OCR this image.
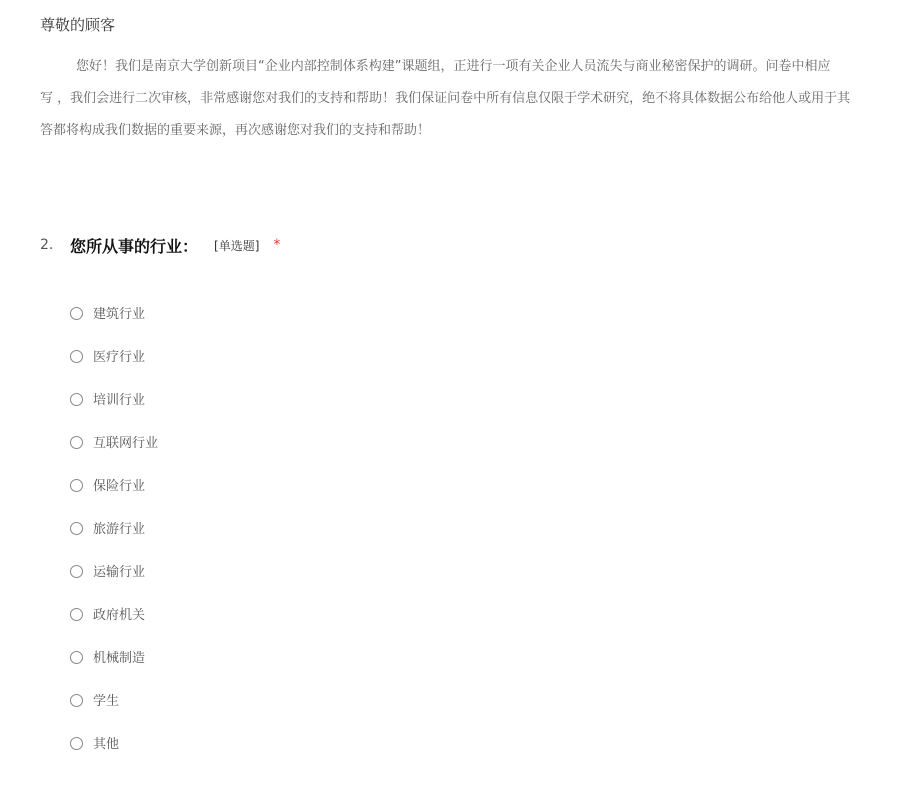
尊敬的顾客
您好！我们是南京大学创新项目“企业内部控制体系构建”课题组，正进行一项有关企业人员流失与商业秘密保护的调研。问卷中相应
写 ，我们会进行二次审核，非常感谢您对我们的支持和帮助！我们保证问卷中所有信息仅限于学术研究，绝不将具体数据公布给他人或用于其
答都将构成我们数据的重要来源，再次感谢您对我们的支持和帮助！
2.	您所从事的行业： [单选题] *
建筑行业
医疗行业
培训行业
互联网行业
保险行业
旅游行业
运输行业
政府机关
机械制造
学生
其他
